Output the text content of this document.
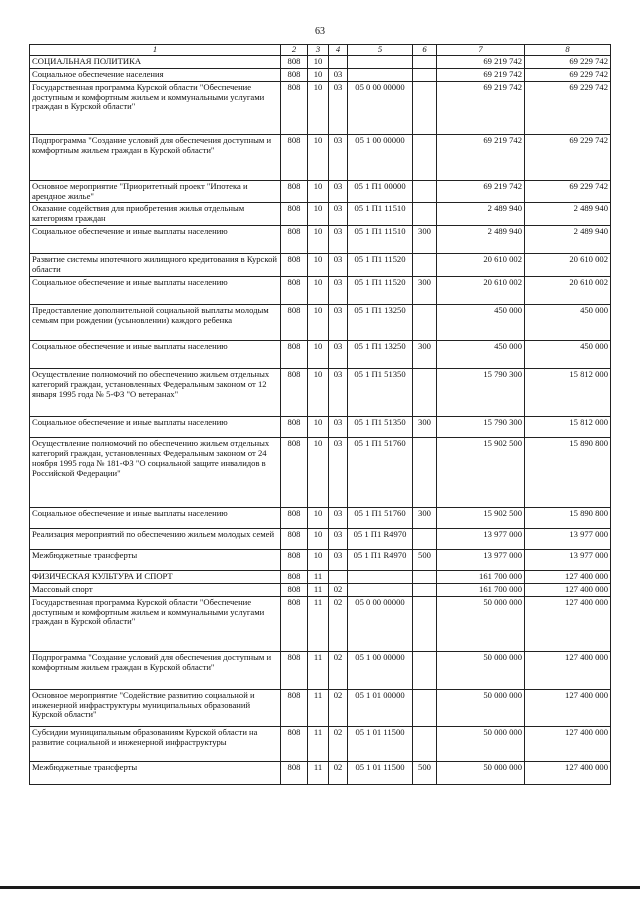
63
1	2	3	4	5	6	7	8
СОЦИАЛЬНАЯ ПОЛИТИКА	808	10				69 219 742	69 229 742
Социальное обеспечение населения	808	10	03			69 219 742	69 229 742
Государственная программа Курской области "Обеспечение доступным и комфортным жильем и коммунальными услугами граждан в Курской области"	808	10	03	05 0 00 00000		69 219 742	69 229 742
Подпрограмма "Создание условий для обеспечения доступным и комфортным жильем граждан в Курской области"	808	10	03	05 1 00 00000		69 219 742	69 229 742
Основное мероприятие "Приоритетный проект "Ипотека и арендное жилье"	808	10	03	05 1 П1 00000		69 219 742	69 229 742
Оказание содействия для приобретения жилья отдельным категориям граждан	808	10	03	05 1 П1 11510		2 489 940	2 489 940
Социальное обеспечение и иные выплаты населению	808	10	03	05 1 П1 11510	300	2 489 940	2 489 940
Развитие системы ипотечного жилищного кредитования в Курской области	808	10	03	05 1 П1 11520		20 610 002	20 610 002
Социальное обеспечение и иные выплаты населению	808	10	03	05 1 П1 11520	300	20 610 002	20 610 002
Предоставление дополнительной социальной выплаты молодым семьям при рождении (усыновлении) каждого ребенка	808	10	03	05 1 П1 13250		450 000	450 000
Социальное обеспечение и иные выплаты населению	808	10	03	05 1 П1 13250	300	450 000	450 000
Осуществление полномочий по обеспечению жильем отдельных категорий граждан, установленных Федеральным законом от 12 января 1995 года № 5-ФЗ "О ветеранах"	808	10	03	05 1 П1 51350		15 790 300	15 812 000
Социальное обеспечение и иные выплаты населению	808	10	03	05 1 П1 51350	300	15 790 300	15 812 000
Осуществление полномочий по обеспечению жильем отдельных категорий граждан, установленных Федеральным законом от 24 ноября 1995 года № 181-ФЗ "О социальной защите инвалидов в Российской Федерации"	808	10	03	05 1 П1 51760		15 902 500	15 890 800
Социальное обеспечение и иные выплаты населению	808	10	03	05 1 П1 51760	300	15 902 500	15 890 800
Реализация мероприятий по обеспечению жильем молодых семей	808	10	03	05 1 П1 R4970		13 977 000	13 977 000
Межбюджетные трансферты	808	10	03	05 1 П1 R4970	500	13 977 000	13 977 000
ФИЗИЧЕСКАЯ КУЛЬТУРА И СПОРТ	808	11				161 700 000	127 400 000
Массовый спорт	808	11	02			161 700 000	127 400 000
Государственная программа Курской области "Обеспечение доступным и комфортным жильем и коммунальными услугами граждан в Курской области"	808	11	02	05 0 00 00000		50 000 000	127 400 000
Подпрограмма "Создание условий для обеспечения доступным и комфортным жильем граждан в Курской области"	808	11	02	05 1 00 00000		50 000 000	127 400 000
Основное мероприятие "Содействие развитию социальной и инженерной инфраструктуры муниципальных образований Курской области"	808	11	02	05 1 01 00000		50 000 000	127 400 000
Субсидии муниципальным образованиям Курской области на развитие социальной и инженерной инфраструктуры	808	11	02	05 1 01 11500		50 000 000	127 400 000
Межбюджетные трансферты	808	11	02	05 1 01 11500	500	50 000 000	127 400 000
